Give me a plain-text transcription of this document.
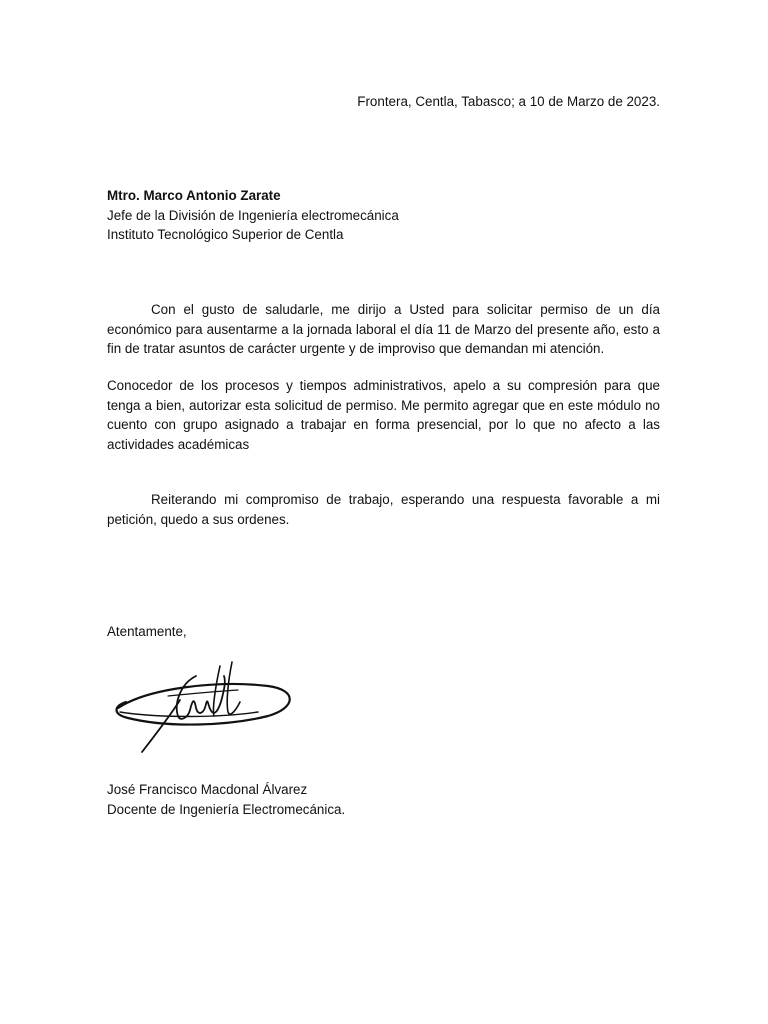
Frontera, Centla, Tabasco; a 10 de Marzo de 2023.
Mtro. Marco Antonio Zarate
Jefe de la División de Ingeniería electromecánica
Instituto Tecnológico Superior de Centla
Con el gusto de saludarle, me dirijo a Usted para solicitar permiso de un día económico para ausentarme a la jornada laboral el día 11 de Marzo del presente año, esto a fin de tratar asuntos de carácter urgente y de improviso que demandan mi atención.
Conocedor de los procesos y tiempos administrativos, apelo a su compresión para que tenga a bien, autorizar esta solicitud de permiso. Me permito agregar que en este módulo no cuento con grupo asignado a trabajar en forma presencial, por lo que no afecto a las actividades académicas
Reiterando mi compromiso de trabajo, esperando una respuesta favorable a mi petición, quedo a sus ordenes.
Atentamente,
José Francisco Macdonal Álvarez
Docente de Ingeniería Electromecánica.
